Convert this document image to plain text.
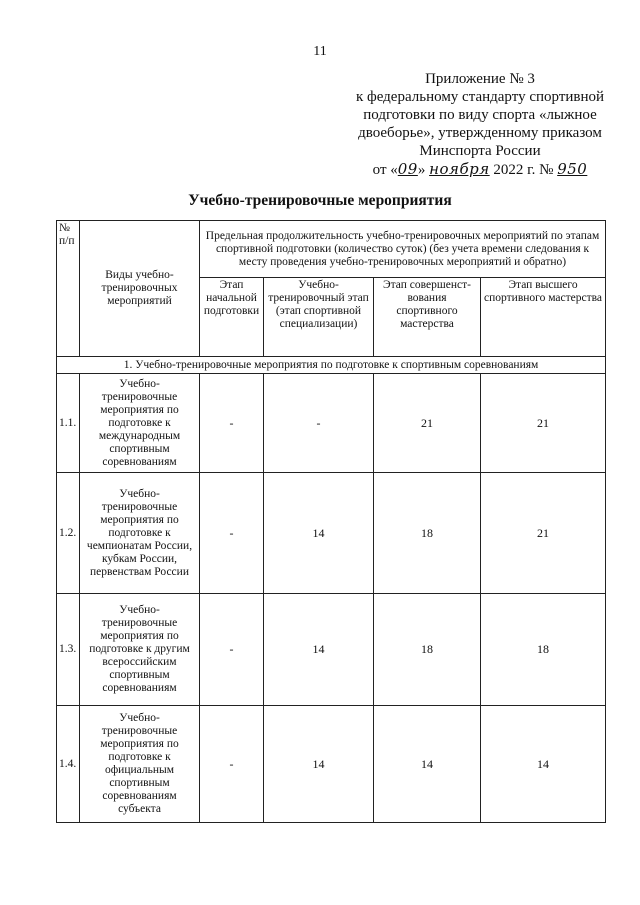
11
Приложение № 3
к федеральному стандарту спортивной
подготовки по виду спорта «лыжное
двоеборье», утвержденному приказом
Минспорта России
от «09» ноября 2022 г. № 950
Учебно-тренировочные мероприятия
№ п/п	Виды учебно-тренировочных мероприятий	Предельная продолжительность учебно-тренировочных мероприятий по этапам спортивной подготовки (количество суток) (без учета времени следования к месту проведения учебно-тренировочных мероприятий и обратно)			
		Этап начальной подготовки	Учебно-тренировочный этап (этап спортивной специализации)	Этап совершенст-вования спортивного мастерства	Этап высшего спортивного мастерства
1. Учебно-тренировочные мероприятия по подготовке к спортивным соревнованиям					
1.1.	Учебно-тренировочные мероприятия по подготовке к международным спортивным соревнованиям	-	-	21	21
1.2.	Учебно-тренировочные мероприятия по подготовке к чемпионатам России, кубкам России, первенствам России	-	14	18	21
1.3.	Учебно-тренировочные мероприятия по подготовке к другим всероссийским спортивным соревнованиям	-	14	18	18
1.4.	Учебно-тренировочные мероприятия по подготовке к официальным спортивным соревнованиям субъекта	-	14	14	14
